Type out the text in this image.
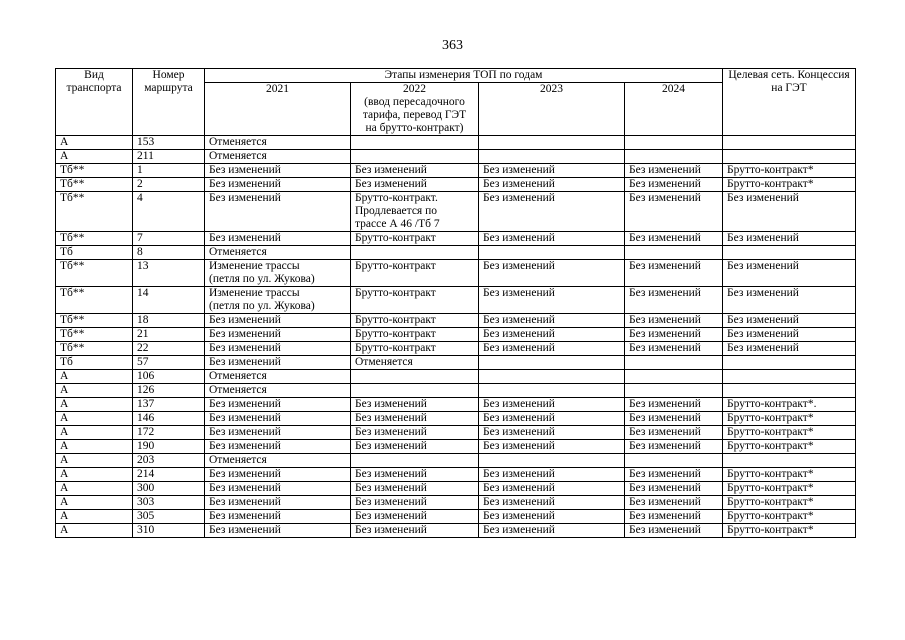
363
Вид транспорта	Номер маршрута	Этапы изменерия ТОП по годам				Целевая сеть. Концессия на ГЭТ
		2021	2022
(ввод пересадочного
тарифа, перевод ГЭТ
на брутто-контракт)	2023	2024	
А	153	Отменяется				
А	211	Отменяется				
Тб**	1	Без изменений	Без изменений	Без изменений	Без изменений	Брутто-контракт*
Тб**	2	Без изменений	Без изменений	Без изменений	Без изменений	Брутто-контракт*
Тб**	4	Без изменений	Брутто-контракт.
Продлевается по
трассе А 46 /Тб 7	Без изменений	Без изменений	Без изменений
Тб**	7	Без изменений	Брутто-контракт	Без изменений	Без изменений	Без изменений
Тб	8	Отменяется				
Тб**	13	Изменение трассы
(петля по ул. Жукова)	Брутто-контракт	Без изменений	Без изменений	Без изменений
Тб**	14	Изменение трассы
(петля по ул. Жукова)	Брутто-контракт	Без изменений	Без изменений	Без изменений
Тб**	18	Без изменений	Брутто-контракт	Без изменений	Без изменений	Без изменений
Тб**	21	Без изменений	Брутто-контракт	Без изменений	Без изменений	Без изменений
Тб**	22	Без изменений	Брутто-контракт	Без изменений	Без изменений	Без изменений
Тб	57	Без изменений	Отменяется			
А	106	Отменяется				
А	126	Отменяется				
А	137	Без изменений	Без изменений	Без изменений	Без изменений	Брутто-контракт*.
А	146	Без изменений	Без изменений	Без изменений	Без изменений	Брутто-контракт*
А	172	Без изменений	Без изменений	Без изменений	Без изменений	Брутто-контракт*
А	190	Без изменений	Без изменений	Без изменений	Без изменений	Брутто-контракт*
А	203	Отменяется				
А	214	Без изменений	Без изменений	Без изменений	Без изменений	Брутто-контракт*
А	300	Без изменений	Без изменений	Без изменений	Без изменений	Брутто-контракт*
А	303	Без изменений	Без изменений	Без изменений	Без изменений	Брутто-контракт*
А	305	Без изменений	Без изменений	Без изменений	Без изменений	Брутто-контракт*
А	310	Без изменений	Без изменений	Без изменений	Без изменений	Брутто-контракт*
